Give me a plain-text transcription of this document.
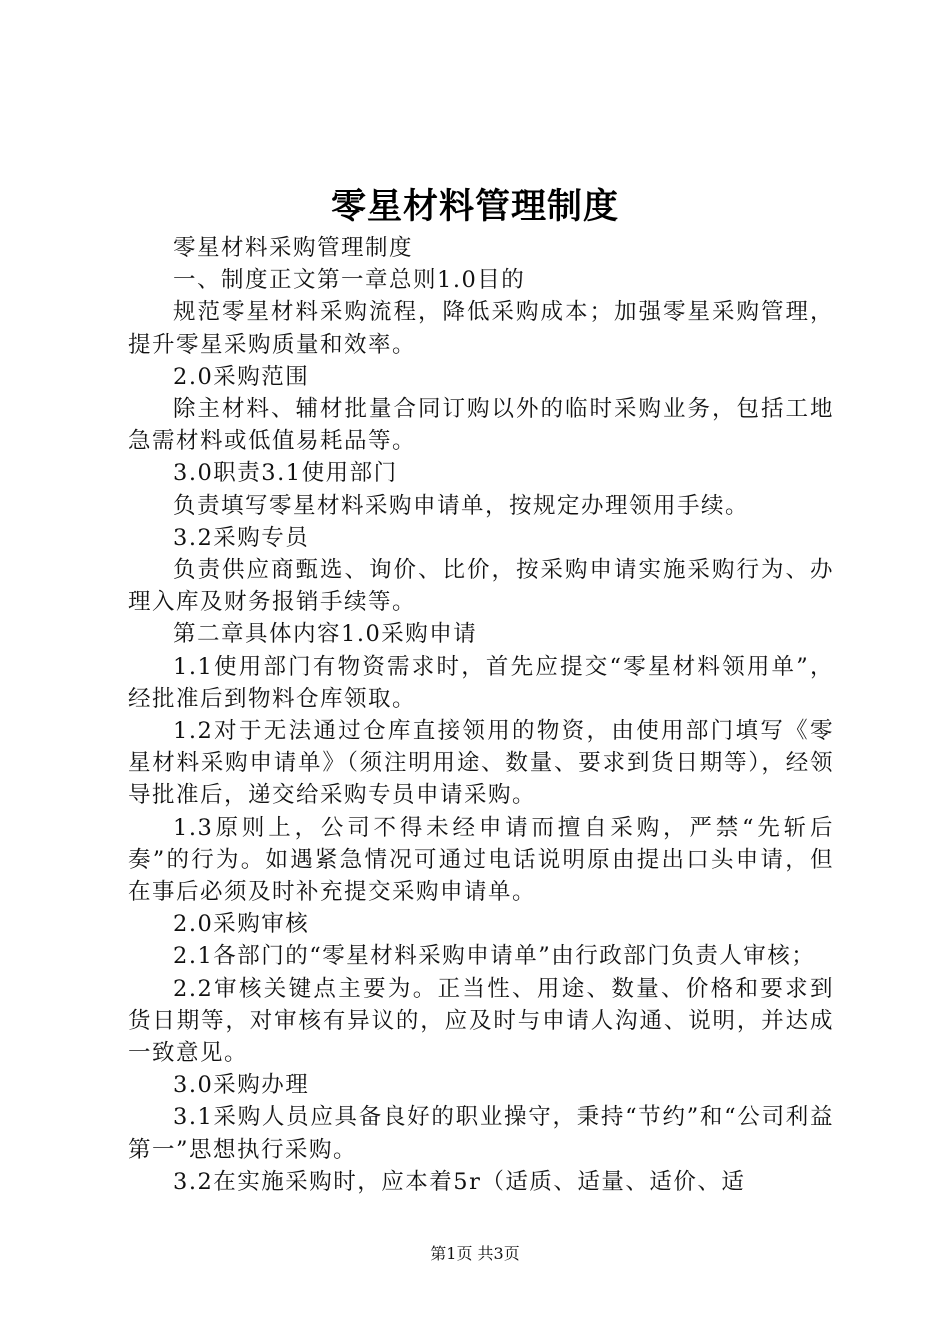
零星材料管理制度

零星材料采购管理制度

一、制度正文第一章总则1.0目的

规范零星材料采购流程，降低采购成本；加强零星采购管理，提升零星采购质量和效率。

2.0采购范围

除主材料、辅材批量合同订购以外的临时采购业务，包括工地急需材料或低值易耗品等。

3.0职责3.1使用部门

负责填写零星材料采购申请单，按规定办理领用手续。

3.2采购专员

负责供应商甄选、询价、比价，按采购申请实施采购行为、办理入库及财务报销手续等。

第二章具体内容1.0采购申请

1.1使用部门有物资需求时，首先应提交“零星材料领用单”，经批准后到物料仓库领取。

1.2对于无法通过仓库直接领用的物资，由使用部门填写《零星材料采购申请单》（须注明用途、数量、要求到货日期等），经领导批准后，递交给采购专员申请采购。

1.3原则上，公司不得未经申请而擅自采购，严禁“先斩后奏”的行为。如遇紧急情况可通过电话说明原由提出口头申请，但在事后必须及时补充提交采购申请单。

2.0采购审核

2.1各部门的“零星材料采购申请单”由行政部门负责人审核；

2.2审核关键点主要为。正当性、用途、数量、价格和要求到货日期等，对审核有异议的，应及时与申请人沟通、说明，并达成一致意见。

3.0采购办理

3.1采购人员应具备良好的职业操守，秉持“节约”和“公司利益第一”思想执行采购。

3.2在实施采购时，应本着5r（适质、适量、适价、适

第1页 共3页
